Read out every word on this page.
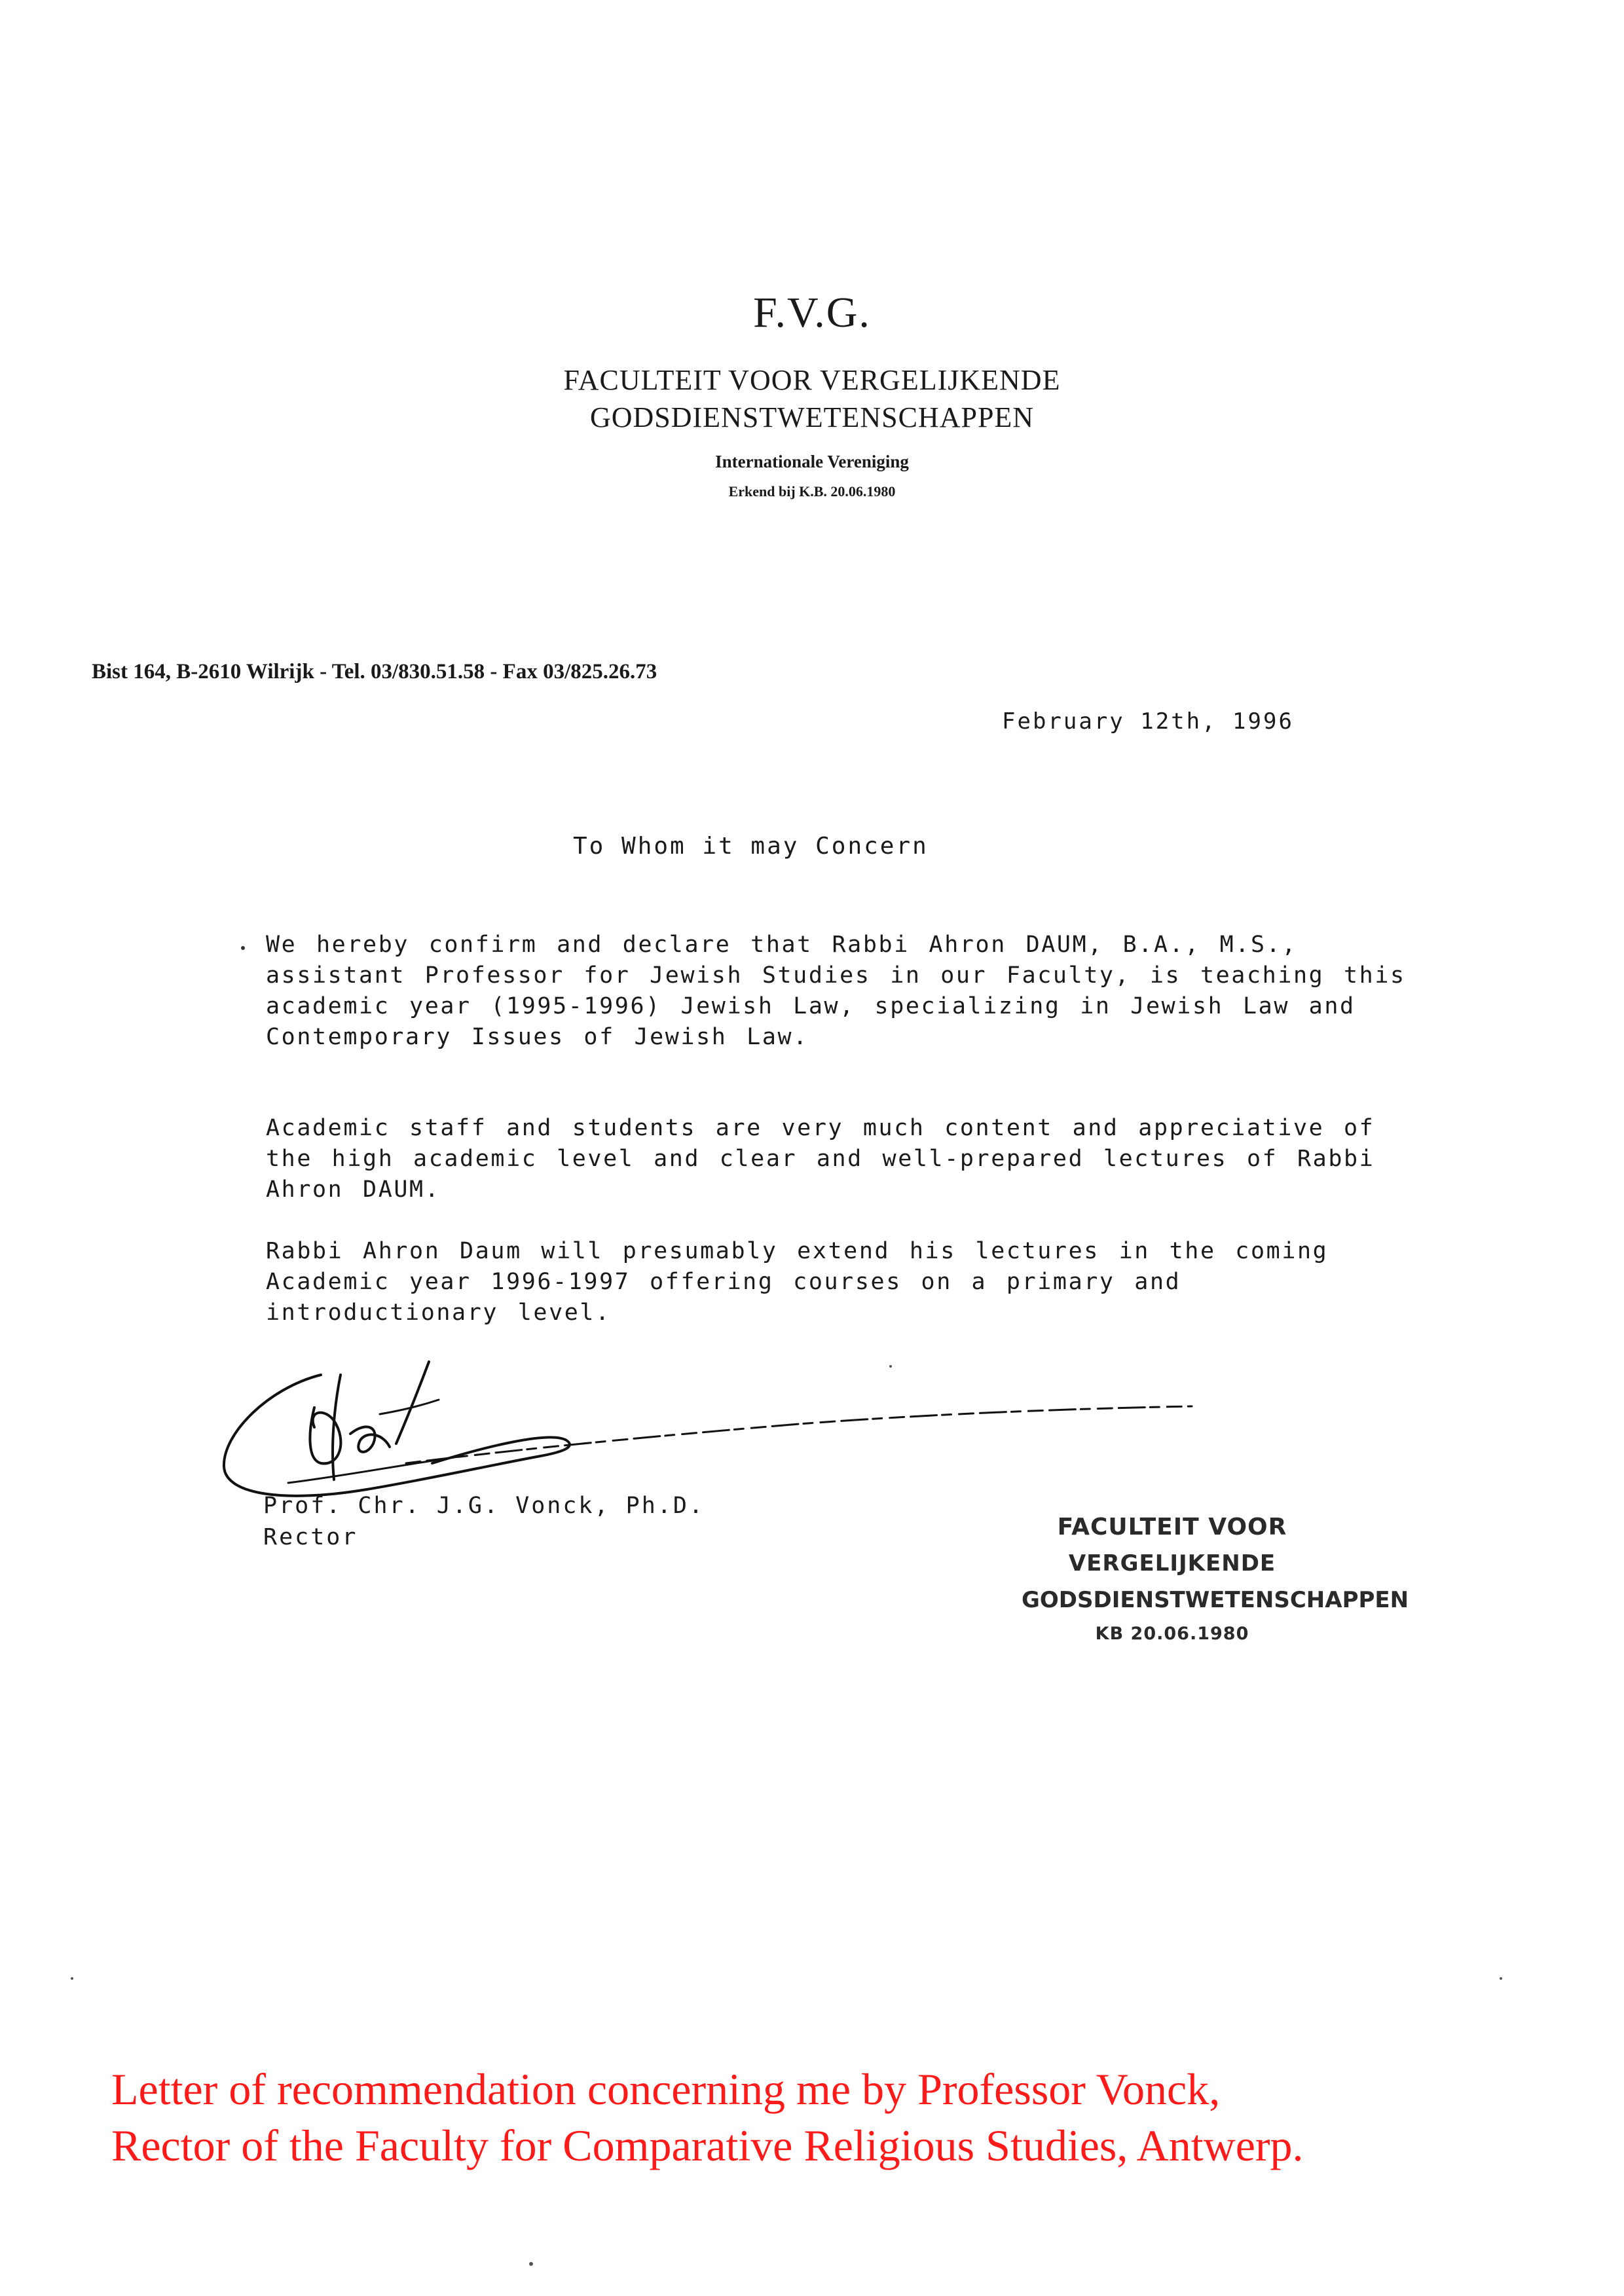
F.V.G.
FACULTEIT VOOR VERGELIJKENDE
GODSDIENSTWETENSCHAPPEN
Internationale Vereniging
Erkend bij K.B. 20.06.1980
Bist 164, B-2610 Wilrijk - Tel. 03/830.51.58 - Fax 03/825.26.73
February 12th, 1996
To Whom it may Concern

We hereby confirm and declare that Rabbi Ahron DAUM, B.A., M.S., assistant Professor for Jewish Studies in our Faculty, is teaching this academic year (1995-1996) Jewish Law, specializing in Jewish Law and Contemporary Issues of Jewish Law.

Academic staff and students are very much content and appreciative of the high academic level and clear and well-prepared lectures of Rabbi Ahron DAUM.

Rabbi Ahron Daum will presumably extend his lectures in the coming Academic year 1996-1997 offering courses on a primary and introductionary level.

Prof. Chr. J.G. Vonck, Ph.D.
Rector	FACULTEIT VOOR
VERGELIJKENDE
GODSDIENSTWETENSCHAPPEN
KB 20.06.1980
Letter of recommendation concerning me by Professor Vonck,
Rector of the Faculty for Comparative Religious Studies, Antwerp.
